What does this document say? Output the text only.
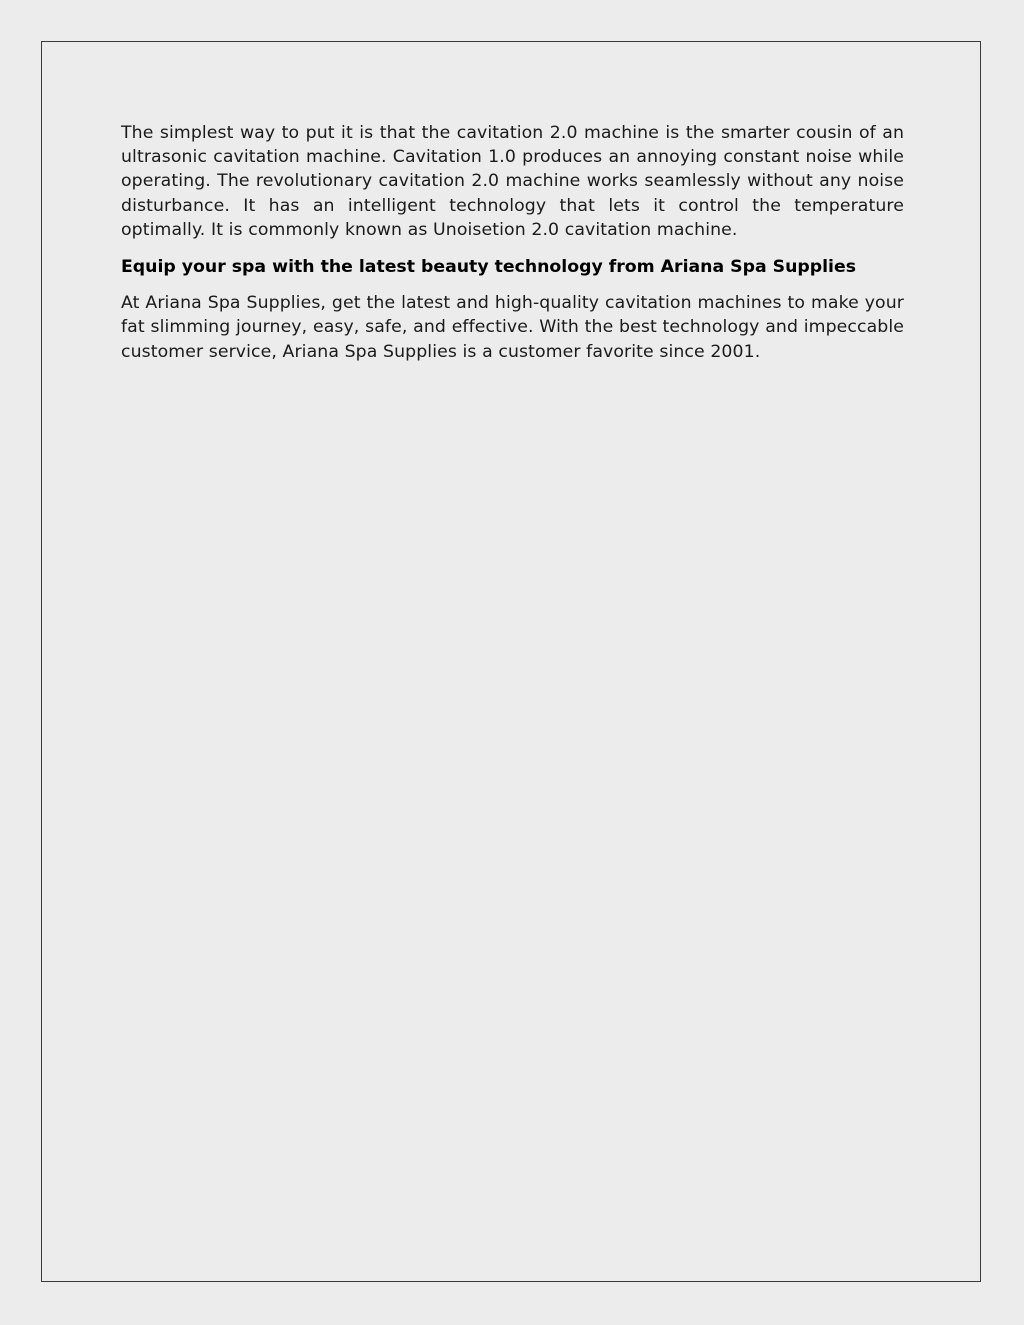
The simplest way to put it is that the cavitation 2.0 machine is the smarter cousin of an ultrasonic cavitation machine. Cavitation 1.0 produces an annoying constant noise while operating. The revolutionary cavitation 2.0 machine works seamlessly without any noise disturbance. It has an intelligent technology that lets it control the temperature optimally. It is commonly known as Unoisetion 2.0 cavitation machine.

Equip your spa with the latest beauty technology from Ariana Spa Supplies

At Ariana Spa Supplies, get the latest and high-quality cavitation machines to make your fat slimming journey, easy, safe, and effective. With the best technology and impeccable customer service, Ariana Spa Supplies is a customer favorite since 2001.
